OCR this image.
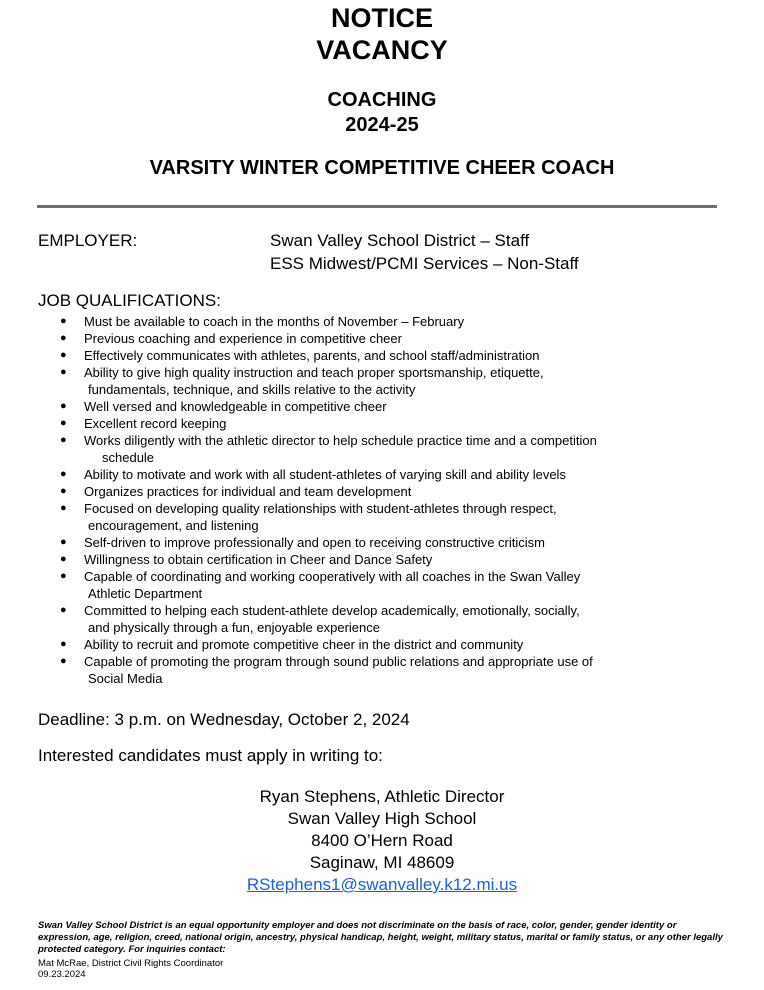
NOTICE
VACANCY
COACHING
2024-25
VARSITY WINTER COMPETITIVE CHEER COACH
EMPLOYER:	Swan Valley School District – Staff
ESS Midwest/PCMI Services – Non-Staff
JOB QUALIFICATIONS:
● Must be available to coach in the months of November – February
● Previous coaching and experience in competitive cheer
● Effectively communicates with athletes, parents, and school staff/administration
● Ability to give high quality instruction and teach proper sportsmanship, etiquette,
fundamentals, technique, and skills relative to the activity
● Well versed and knowledgeable in competitive cheer
● Excellent record keeping
● Works diligently with the athletic director to help schedule practice time and a competition
schedule
● Ability to motivate and work with all student-athletes of varying skill and ability levels
● Organizes practices for individual and team development
● Focused on developing quality relationships with student-athletes through respect,
encouragement, and listening
● Self-driven to improve professionally and open to receiving constructive criticism
● Willingness to obtain certification in Cheer and Dance Safety
● Capable of coordinating and working cooperatively with all coaches in the Swan Valley
Athletic Department
● Committed to helping each student-athlete develop academically, emotionally, socially,
and physically through a fun, enjoyable experience
● Ability to recruit and promote competitive cheer in the district and community
● Capable of promoting the program through sound public relations and appropriate use of
Social Media
Deadline: 3 p.m. on Wednesday, October 2, 2024
Interested candidates must apply in writing to:
Ryan Stephens, Athletic Director
Swan Valley High School
8400 O’Hern Road
Saginaw, MI 48609
RStephens1@swanvalley.k12.mi.us
Swan Valley School District is an equal opportunity employer and does not discriminate on the basis of race, color, gender, gender identity or expression, age, religion, creed, national origin, ancestry, physical handicap, height, weight, military status, marital or family status, or any other legally protected category. For inquiries contact:
Mat McRae, District Civil Rights Coordinator
09.23.2024
